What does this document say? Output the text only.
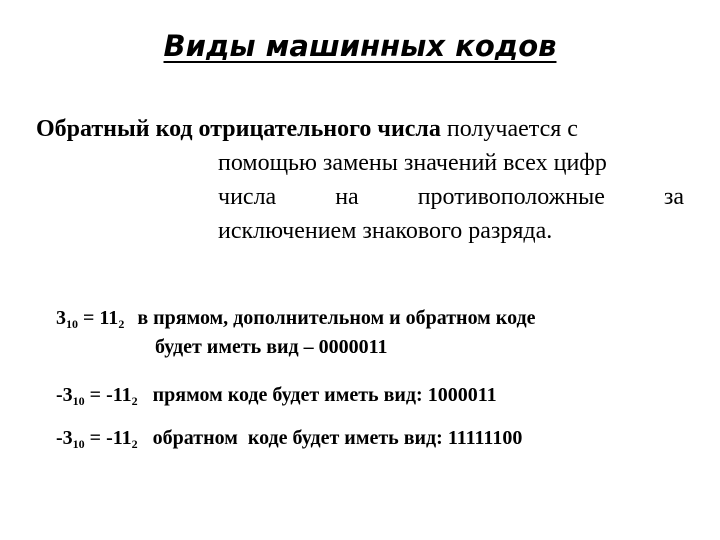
Виды машинных кодов
Обратный код отрицательного числа получается с
помощью замены значений всех цифр
числа на противоположные за
исключением знакового разряда.
$3_{10} = 11_2$ в прямом, дополнительном и обратном коде
будет иметь вид – 0000011
$-3_{10} = -11_2$ прямом коде будет иметь вид: 1000011
$-3_{10} = -11_2$ обратном  коде будет иметь вид: 11111100
